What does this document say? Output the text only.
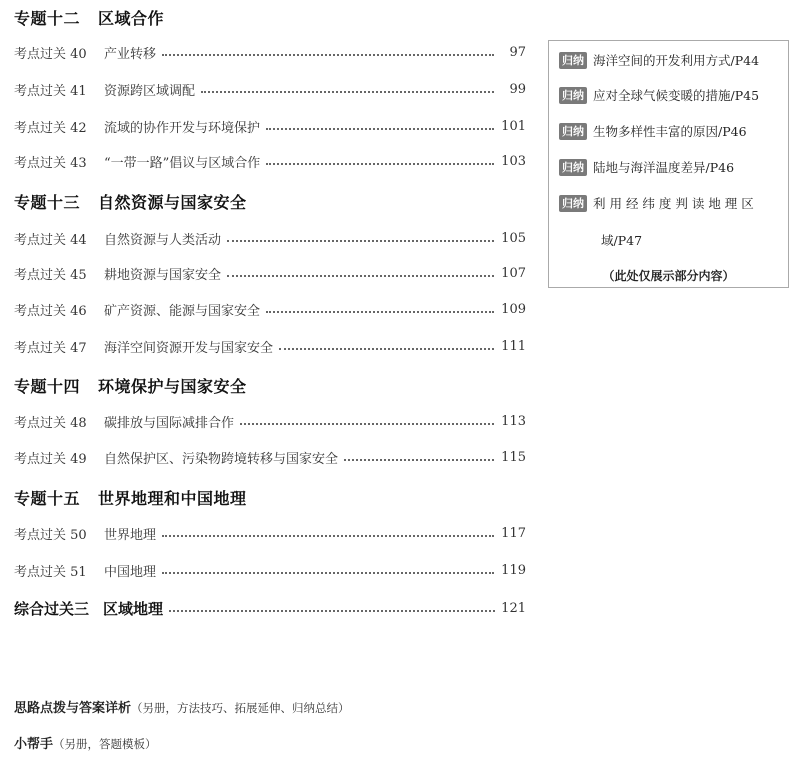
专题十二 区域合作
考点过关 40	产业转移	97
考点过关 41	资源跨区域调配	99
考点过关 42	流域的协作开发与环境保护	101
考点过关 43	“一带一路”倡议与区域合作	103
专题十三 自然资源与国家安全
考点过关 44	自然资源与人类活动	105
考点过关 45	耕地资源与国家安全	107
考点过关 46	矿产资源、能源与国家安全	109
考点过关 47	海洋空间资源开发与国家安全	111
专题十四 环境保护与国家安全
考点过关 48	碳排放与国际减排合作	113
考点过关 49	自然保护区、污染物跨境转移与国家安全	115
专题十五 世界地理和中国地理
考点过关 50	世界地理	117
考点过关 51	中国地理	119
综合过关三 区域地理	121
归纳 海洋空间的开发利用方式/P44
归纳 应对全球气候变暖的措施/P45
归纳 生物多样性丰富的原因/P46
归纳 陆地与海洋温度差异/P46
归纳 利 用 经 纬 度 判 读 地 理 区
域/P47
（此处仅展示部分内容）
思路点拨与答案详析（另册，方法技巧、拓展延伸、归纳总结）
小帮手（另册，答题模板）
